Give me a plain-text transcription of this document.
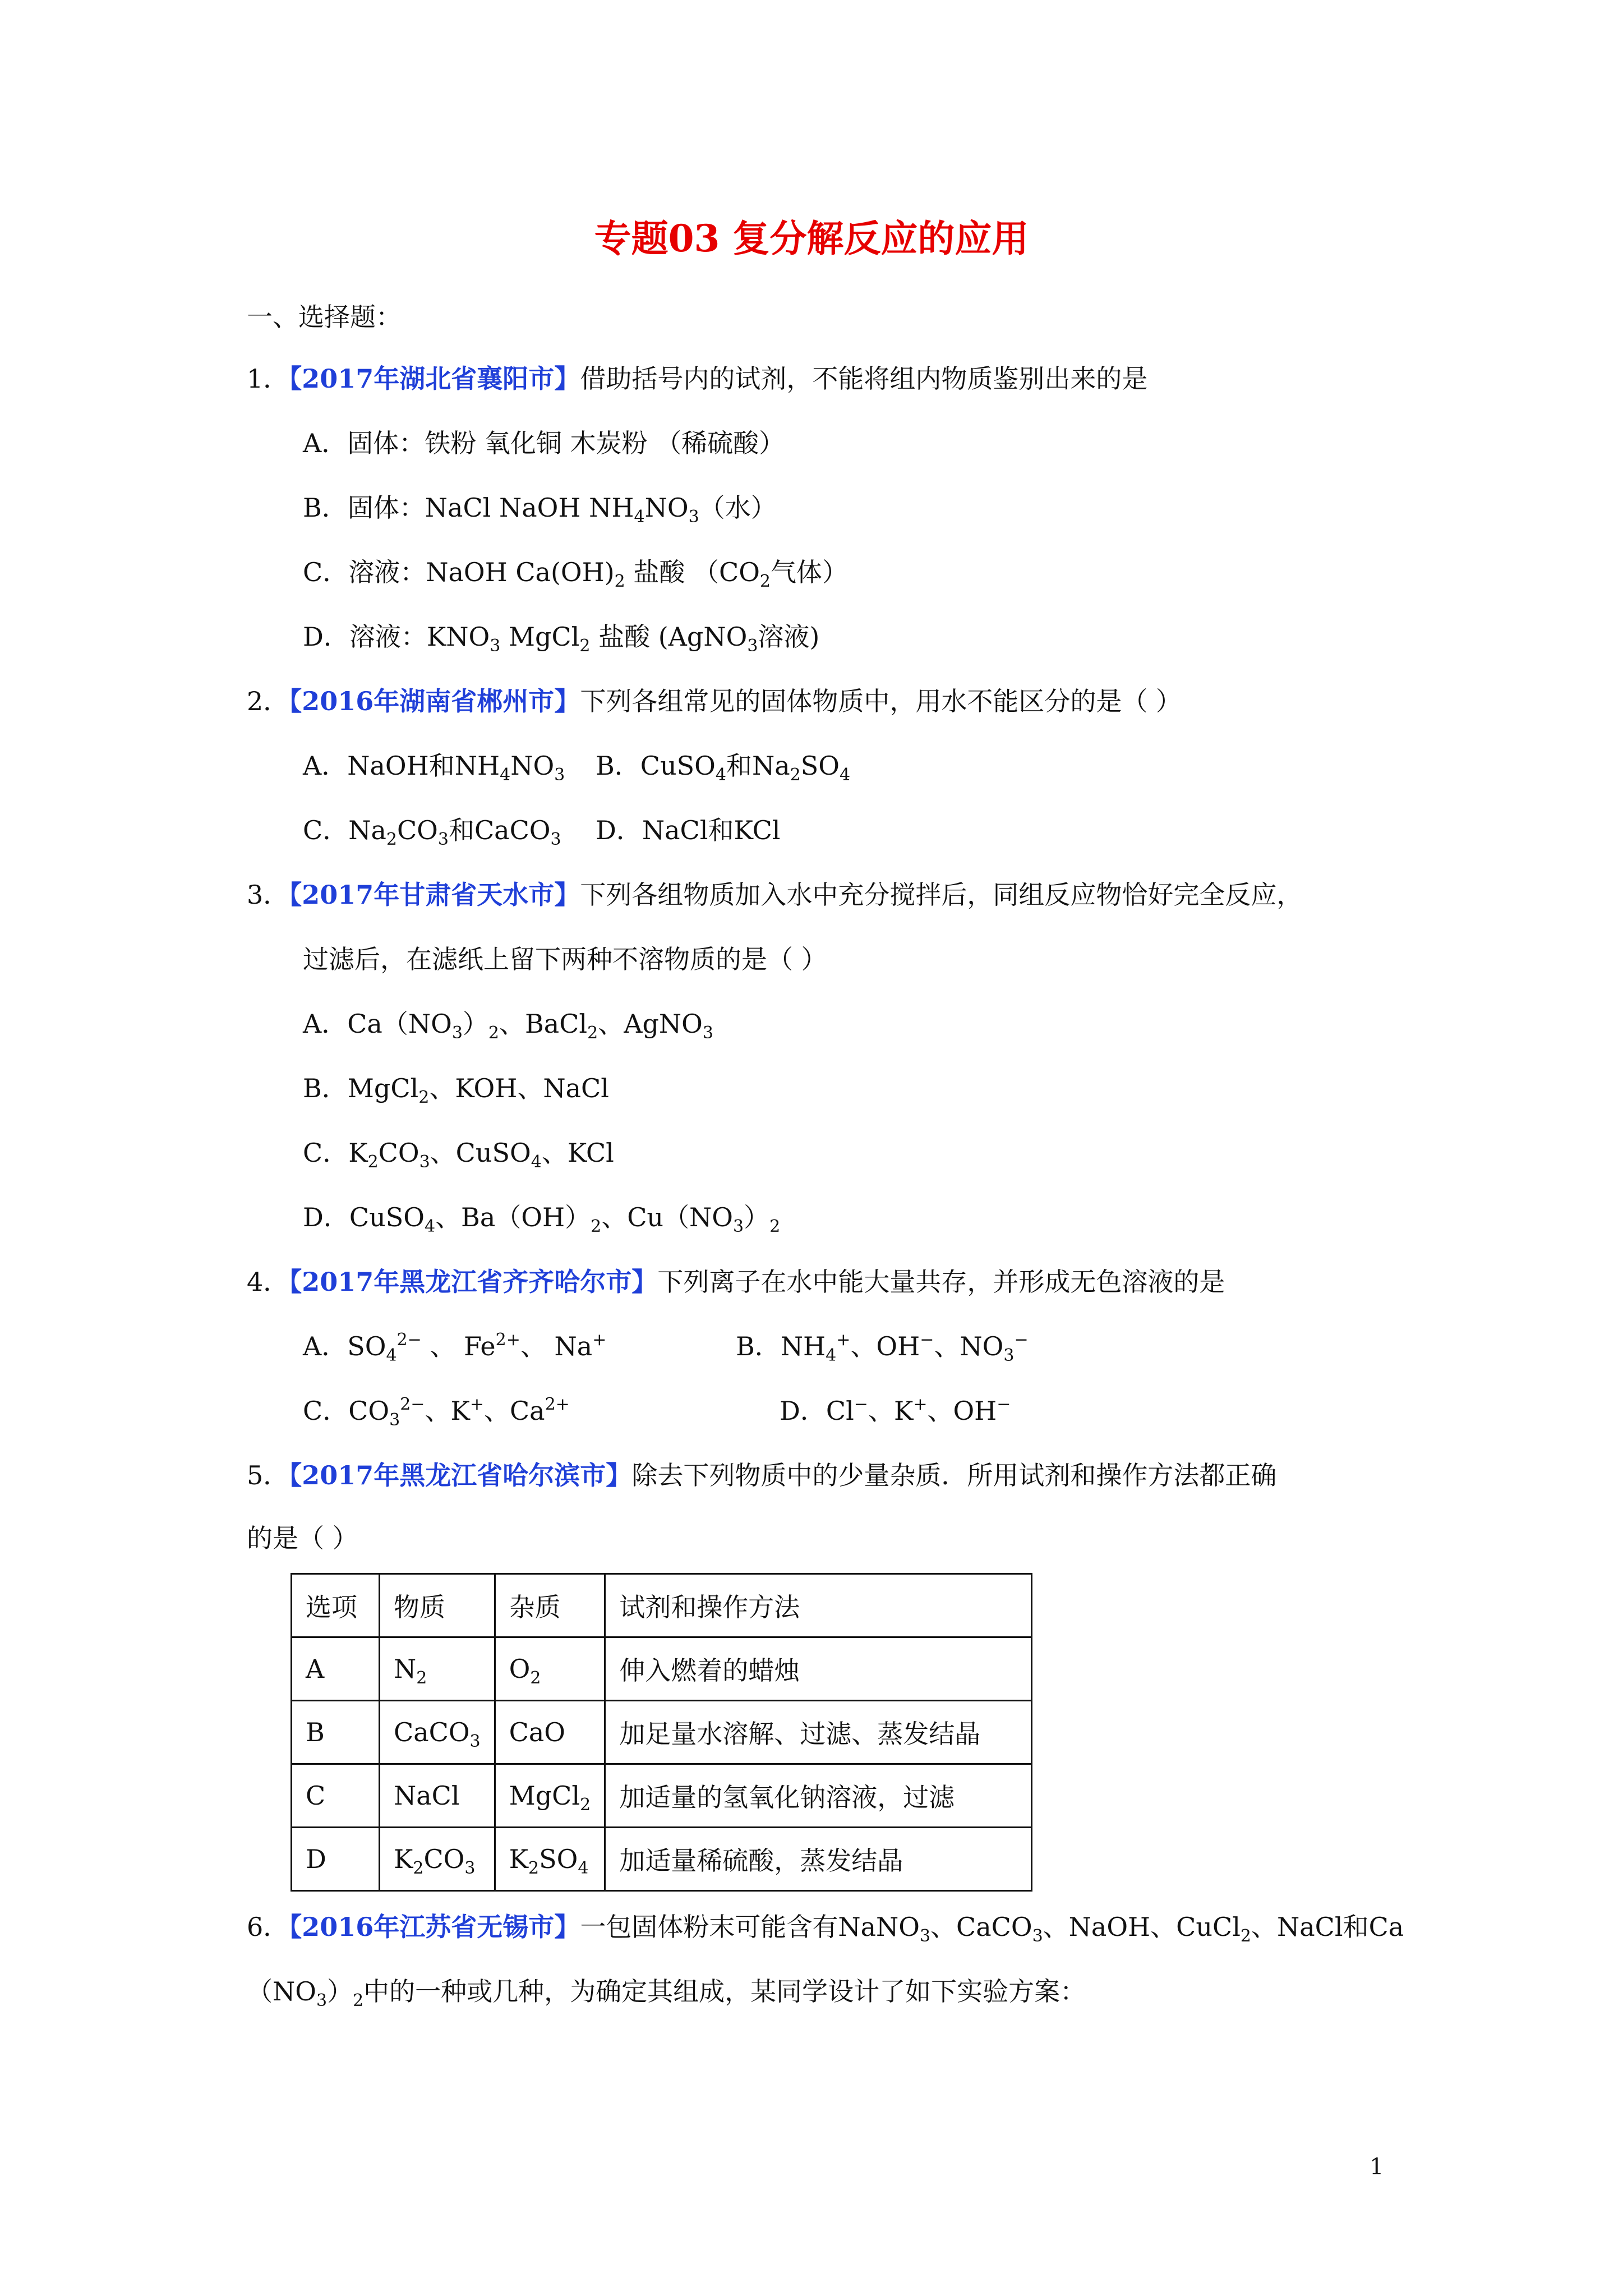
专题03 复分解反应的应用
一、选择题：
1．【2017年湖北省襄阳市】借助括号内的试剂，不能将组内物质鉴别出来的是
A．固体：铁粉 氧化铜 木炭粉 （稀硫酸）
B．固体：NaCl NaOH $NH_4NO_3$（水）
C．溶液：NaOH $Ca(OH)_2$ 盐酸 （$CO_2$气体）
D．溶液：$KNO_3$ MgCl$_2$ 盐酸 (AgNO$_3$溶液)
2．【2016年湖南省郴州市】下列各组常见的固体物质中，用水不能区分的是（ ）
A．NaOH和$NH_4NO_3$ B．CuSO$_4$和$Na_2SO_4$
C．$Na_2CO_3$和CaCO$_3$ D．NaCl和KCl
3．【2017年甘肃省天水市】下列各组物质加入水中充分搅拌后，同组反应物恰好完全反应，
过滤后，在滤纸上留下两种不溶物质的是（ ）
A．$Ca(NO_3)_2$、BaCl$_2$、AgNO$_3$
B．MgCl$_2$、KOH、NaCl
C．$K_2CO_3$、CuSO$_4$、KCl
D．CuSO$_4$、$Ba(OH)_2$、$Cu(NO_3)_2$
4．【2017年黑龙江省齐齐哈尔市】下列离子在水中能大量共存，并形成无色溶液的是
A．$SO_4^{2-}$ 、 $Fe^{2+}$、 Na+	B．$NH_4^+$、OH−、$NO_3^-$
C．$CO_3^{2-}$、K+、$Ca^{2+}$	D．Cl−、K+、OH−
5．【2017年黑龙江省哈尔滨市】除去下列物质中的少量杂质．所用试剂和操作方法都正确
的是（ ）
选项	物质	杂质	试剂和操作方法
A	$N_2$	$O_2$	伸入燃着的蜡烛
B	CaCO$_3$	CaO	加足量水溶解、过滤、蒸发结晶
C	NaCl	MgCl$_2$	加适量的氢氧化钠溶液，过滤
D	$K_2CO_3$	$K_2SO_4$	加适量稀硫酸，蒸发结晶
6．【2016年江苏省无锡市】一包固体粉末可能含有NaNO$_3$、CaCO$_3$、NaOH、CuCl$_2$、NaCl和Ca
$(NO_3)_2$中的一种或几种，为确定其组成，某同学设计了如下实验方案：
1
